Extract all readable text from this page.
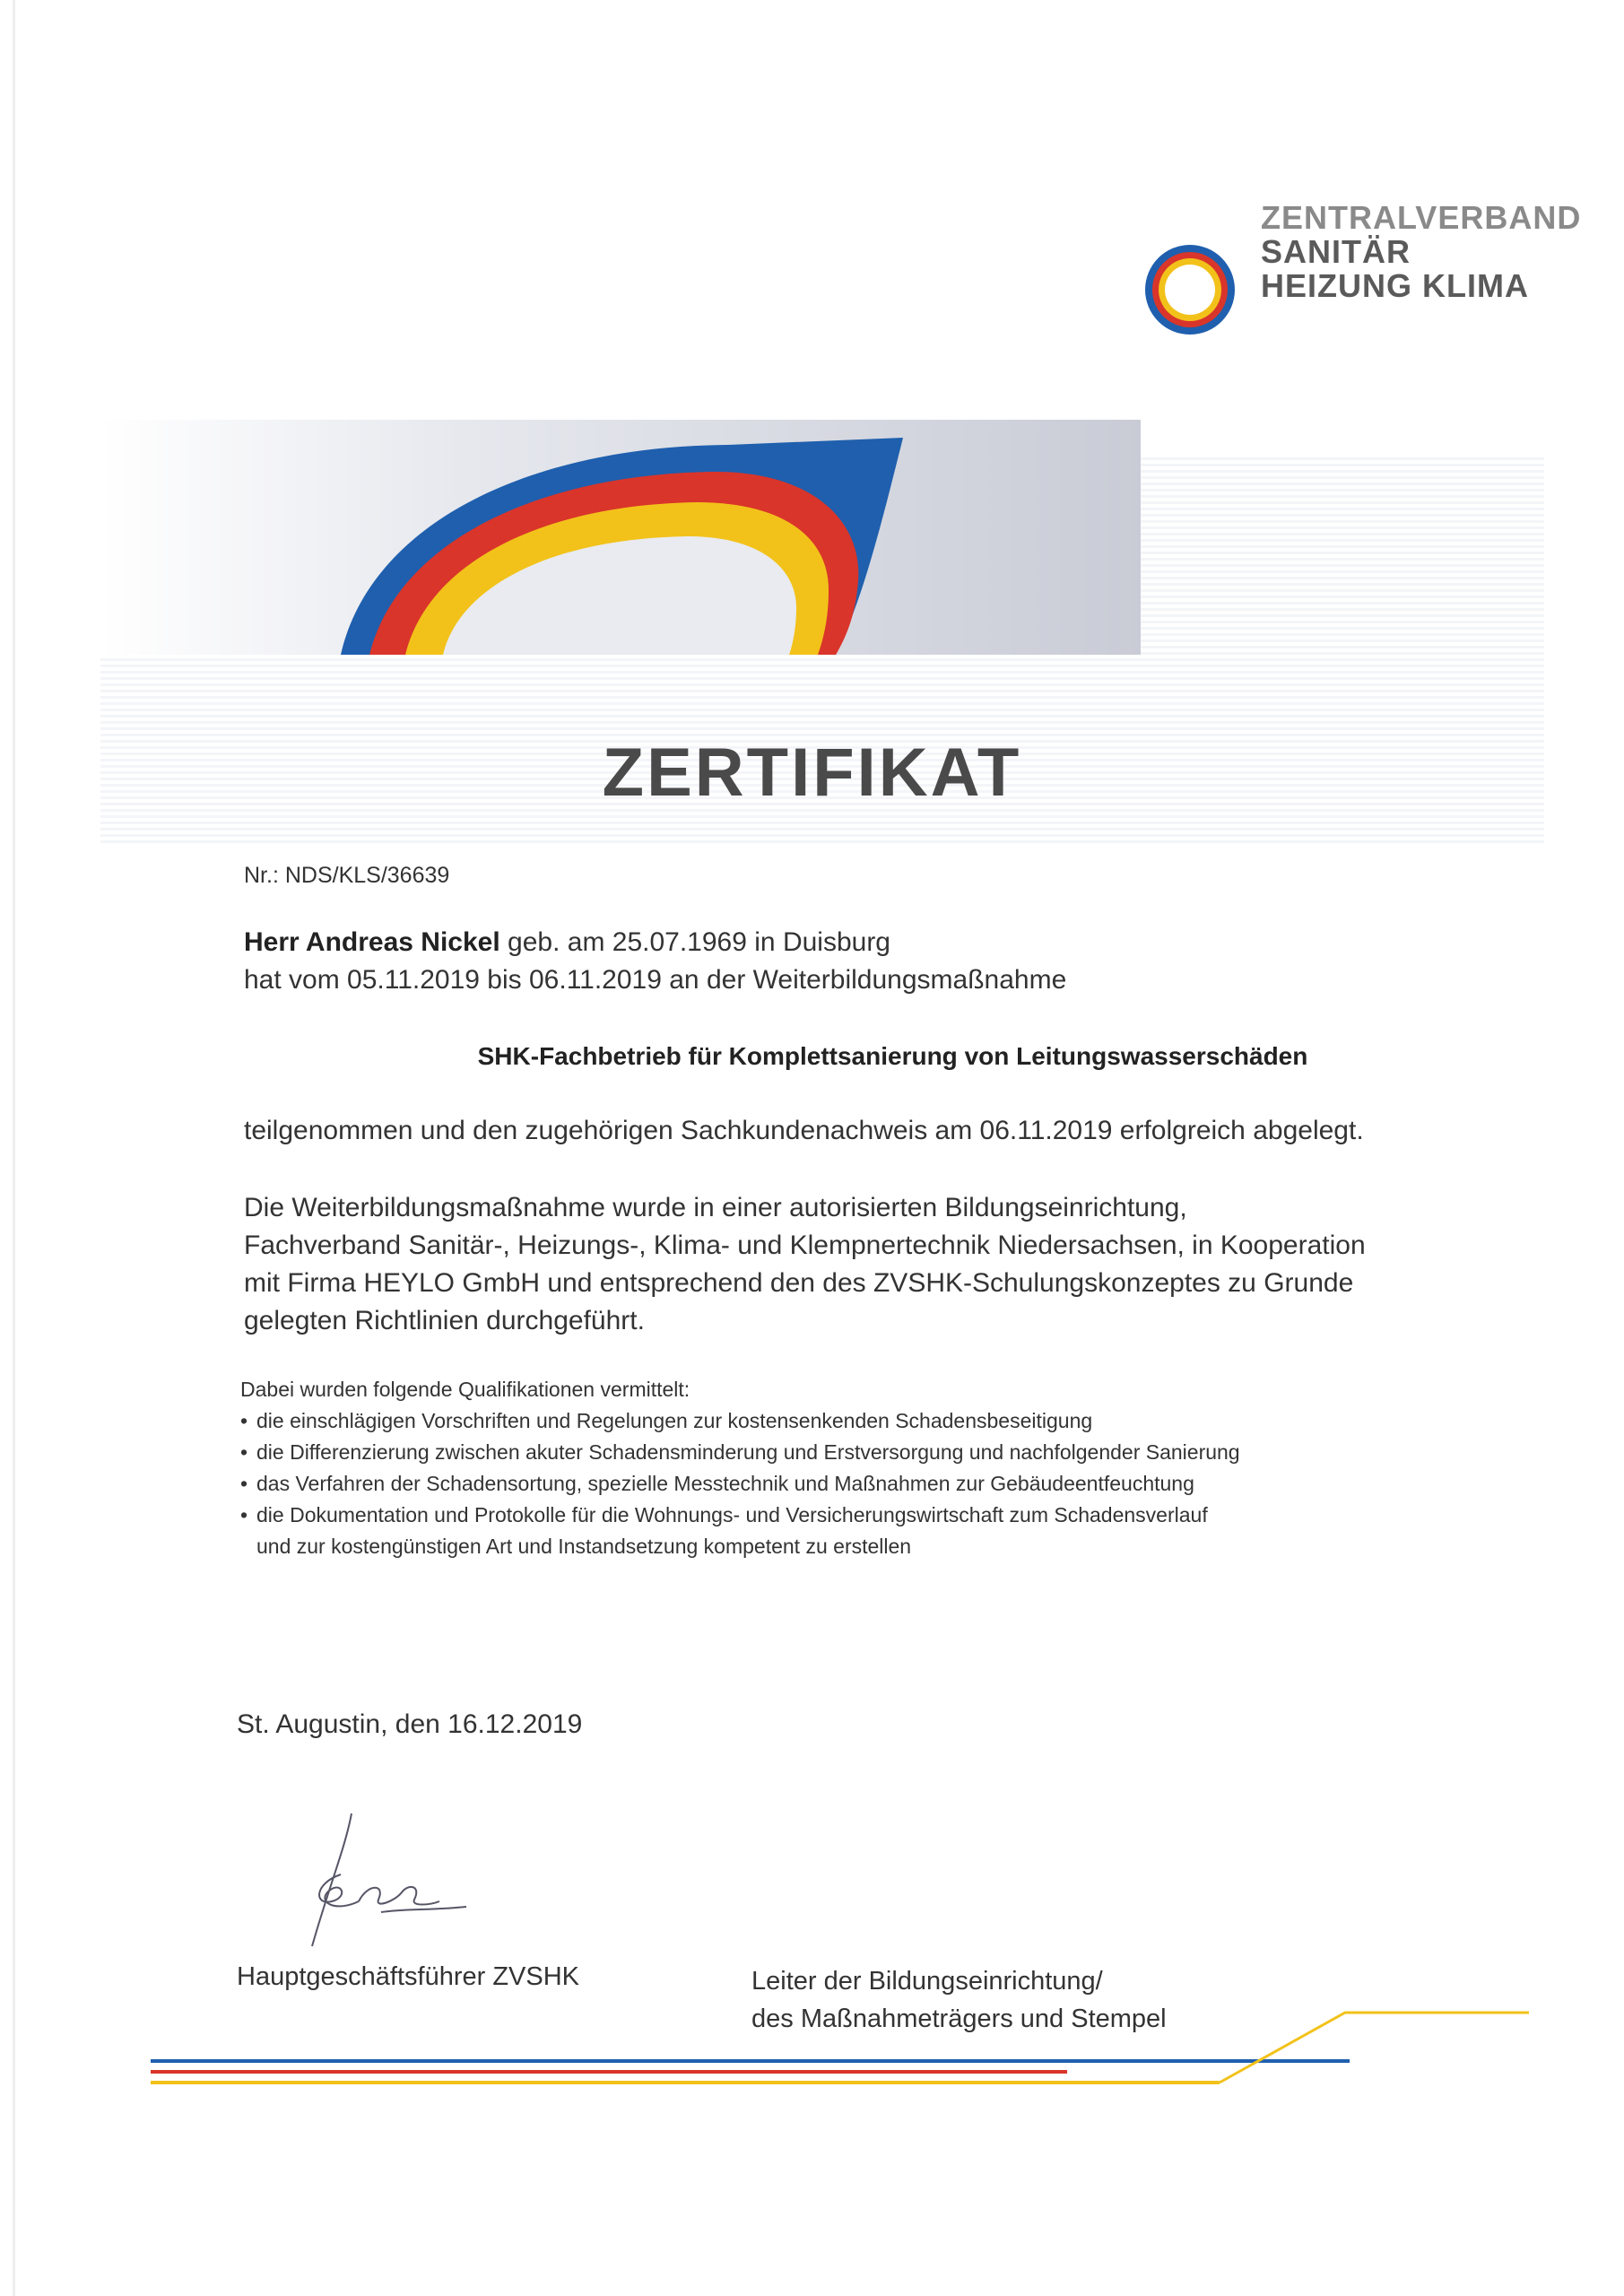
ZENTRALVERBAND
SANITÄR
HEIZUNG KLIMA
ZERTIFIKAT
Nr.: NDS/KLS/36639
Herr Andreas Nickel geb. am 25.07.1969 in Duisburg
hat vom 05.11.2019 bis 06.11.2019 an der Weiterbildungsmaßnahme
SHK-Fachbetrieb für Komplettsanierung von Leitungswasserschäden
teilgenommen und den zugehörigen Sachkundenachweis am 06.11.2019 erfolgreich abgelegt.
Die Weiterbildungsmaßnahme wurde in einer autorisierten Bildungseinrichtung,
Fachverband Sanitär-, Heizungs-, Klima- und Klempnertechnik Niedersachsen, in Kooperation
mit Firma HEYLO GmbH und entsprechend den des ZVSHK-Schulungskonzeptes zu Grunde
gelegten Richtlinien durchgeführt.
Dabei wurden folgende Qualifikationen vermittelt:
• die einschlägigen Vorschriften und Regelungen zur kostensenkenden Schadensbeseitigung
• die Differenzierung zwischen akuter Schadensminderung und Erstversorgung und nachfolgender Sanierung
• das Verfahren der Schadensortung, spezielle Messtechnik und Maßnahmen zur Gebäudeentfeuchtung
• die Dokumentation und Protokolle für die Wohnungs- und Versicherungswirtschaft zum Schadensverlauf
und zur kostengünstigen Art und Instandsetzung kompetent zu erstellen
St. Augustin, den 16.12.2019
Hauptgeschäftsführer ZVSHK	Leiter der Bildungseinrichtung/
des Maßnahmeträgers und Stempel
